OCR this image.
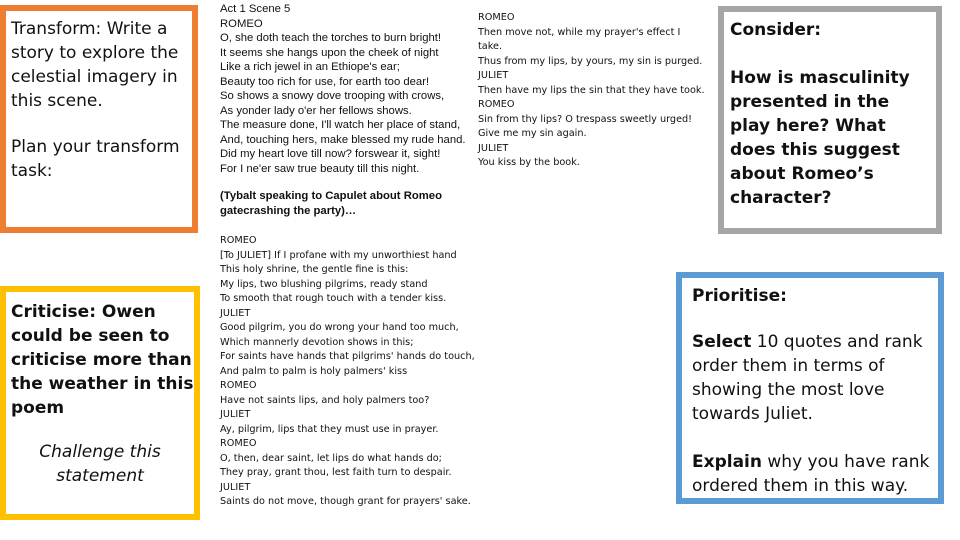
Transform: Write a story to explore the celestial imagery in this scene.
Plan your transform task:
Criticise: Owen could be seen to criticise more than the weather in this poem
Challenge this statement
Act 1 Scene 5
ROMEO
O, she doth teach the torches to burn bright!
It seems she hangs upon the cheek of night
Like a rich jewel in an Ethiope's ear;
Beauty too rich for use, for earth too dear!
So shows a snowy dove trooping with crows,
As yonder lady o'er her fellows shows.
The measure done, I'll watch her place of stand,
And, touching hers, make blessed my rude hand.
Did my heart love till now? forswear it, sight!
For I ne'er saw true beauty till this night.
(Tybalt speaking to Capulet about Romeo
gatecrashing the party)…
ROMEO
Then move not, while my prayer's effect I
take.
Thus from my lips, by yours, my sin is purged.
JULIET
Then have my lips the sin that they have took.
ROMEO
Sin from thy lips? O trespass sweetly urged!
Give me my sin again.
JULIET
You kiss by the book.
ROMEO
[To JULIET] If I profane with my unworthiest hand
This holy shrine, the gentle fine is this:
My lips, two blushing pilgrims, ready stand
To smooth that rough touch with a tender kiss.
JULIET
Good pilgrim, you do wrong your hand too much,
Which mannerly devotion shows in this;
For saints have hands that pilgrims' hands do touch,
And palm to palm is holy palmers' kiss
ROMEO
Have not saints lips, and holy palmers too?
JULIET
Ay, pilgrim, lips that they must use in prayer.
ROMEO
O, then, dear saint, let lips do what hands do;
They pray, grant thou, lest faith turn to despair.
JULIET
Saints do not move, though grant for prayers' sake.
Consider:
How is masculinity presented in the play here? What does this suggest about Romeo’s character?
Prioritise:
Select 10 quotes and rank order them in terms of showing the most love towards Juliet.
Explain why you have rank ordered them in this way.
